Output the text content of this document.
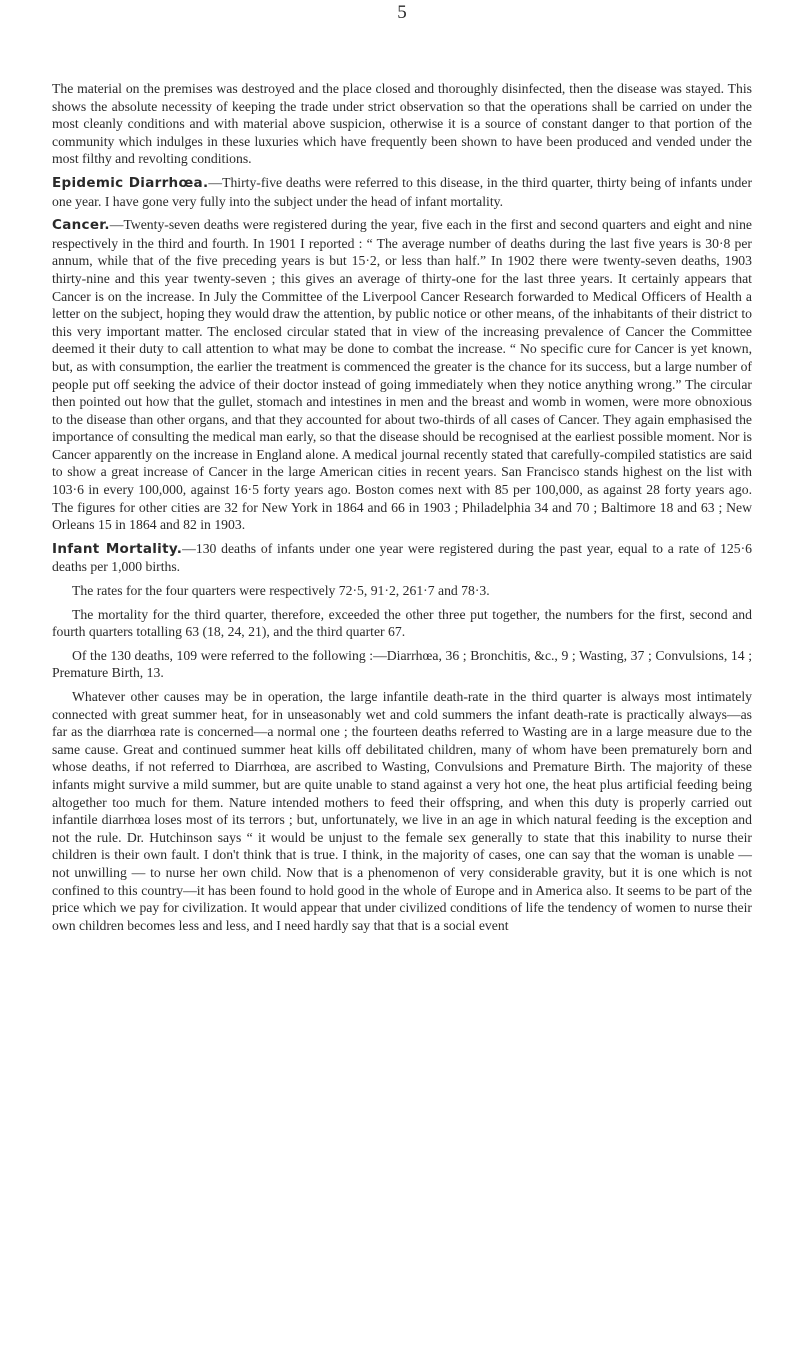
5

The material on the premises was destroyed and the place closed and thoroughly disinfected, then the disease was stayed. This shows the absolute necessity of keeping the trade under strict observation so that the operations shall be carried on under the most cleanly conditions and with material above suspicion, otherwise it is a source of constant danger to that portion of the community which indulges in these luxuries which have frequently been shown to have been produced and vended under the most filthy and revolting conditions.

Epidemic Diarrhœa.—Thirty-five deaths were referred to this disease, in the third quarter, thirty being of infants under one year. I have gone very fully into the subject under the head of infant mortality.

Cancer.—Twenty-seven deaths were registered during the year, five each in the first and second quarters and eight and nine respectively in the third and fourth. In 1901 I reported : “ The average number of deaths during the last five years is 30·8 per annum, while that of the five preceding years is but 15·2, or less than half.” In 1902 there were twenty-seven deaths, 1903 thirty-nine and this year twenty-seven ; this gives an average of thirty-one for the last three years. It certainly appears that Cancer is on the increase. In July the Committee of the Liverpool Cancer Research forwarded to Medical Officers of Health a letter on the subject, hoping they would draw the attention, by public notice or other means, of the inhabitants of their district to this very important matter. The enclosed circular stated that in view of the increasing prevalence of Cancer the Committee deemed it their duty to call attention to what may be done to combat the increase. “ No specific cure for Cancer is yet known, but, as with consumption, the earlier the treatment is commenced the greater is the chance for its success, but a large number of people put off seeking the advice of their doctor instead of going immediately when they notice anything wrong.” The circular then pointed out how that the gullet, stomach and intestines in men and the breast and womb in women, were more obnoxious to the disease than other organs, and that they accounted for about two-thirds of all cases of Cancer. They again emphasised the importance of consulting the medical man early, so that the disease should be recognised at the earliest possible moment. Nor is Cancer apparently on the increase in England alone. A medical journal recently stated that carefully-compiled statistics are said to show a great increase of Cancer in the large American cities in recent years. San Francisco stands highest on the list with 103·6 in every 100,000, against 16·5 forty years ago. Boston comes next with 85 per 100,000, as against 28 forty years ago. The figures for other cities are 32 for New York in 1864 and 66 in 1903 ; Philadelphia 34 and 70 ; Baltimore 18 and 63 ; New Orleans 15 in 1864 and 82 in 1903.

Infant Mortality.—130 deaths of infants under one year were registered during the past year, equal to a rate of 125·6 deaths per 1,000 births.

The rates for the four quarters were respectively 72·5, 91·2, 261·7 and 78·3.

The mortality for the third quarter, therefore, exceeded the other three put together, the numbers for the first, second and fourth quarters totalling 63 (18, 24, 21), and the third quarter 67.

Of the 130 deaths, 109 were referred to the following :—Diarrhœa, 36 ; Bronchitis, &c., 9 ; Wasting, 37 ; Convulsions, 14 ; Premature Birth, 13.

Whatever other causes may be in operation, the large infantile death-rate in the third quarter is always most intimately connected with great summer heat, for in unseasonably wet and cold summers the infant death-rate is practically always—as far as the diarrhœa rate is concerned—a normal one ; the fourteen deaths referred to Wasting are in a large measure due to the same cause. Great and continued summer heat kills off debilitated children, many of whom have been prematurely born and whose deaths, if not referred to Diarrhœa, are ascribed to Wasting, Convulsions and Premature Birth. The majority of these infants might survive a mild summer, but are quite unable to stand against a very hot one, the heat plus artificial feeding being altogether too much for them. Nature intended mothers to feed their offspring, and when this duty is properly carried out infantile diarrhœa loses most of its terrors ; but, unfortunately, we live in an age in which natural feeding is the exception and not the rule. Dr. Hutchinson says “ it would be unjust to the female sex generally to state that this inability to nurse their children is their own fault. I don't think that is true. I think, in the majority of cases, one can say that the woman is unable — not unwilling — to nurse her own child. Now that is a phenomenon of very considerable gravity, but it is one which is not confined to this country—it has been found to hold good in the whole of Europe and in America also. It seems to be part of the price which we pay for civilization. It would appear that under civilized conditions of life the tendency of women to nurse their own children becomes less and less, and I need hardly say that that is a social event
